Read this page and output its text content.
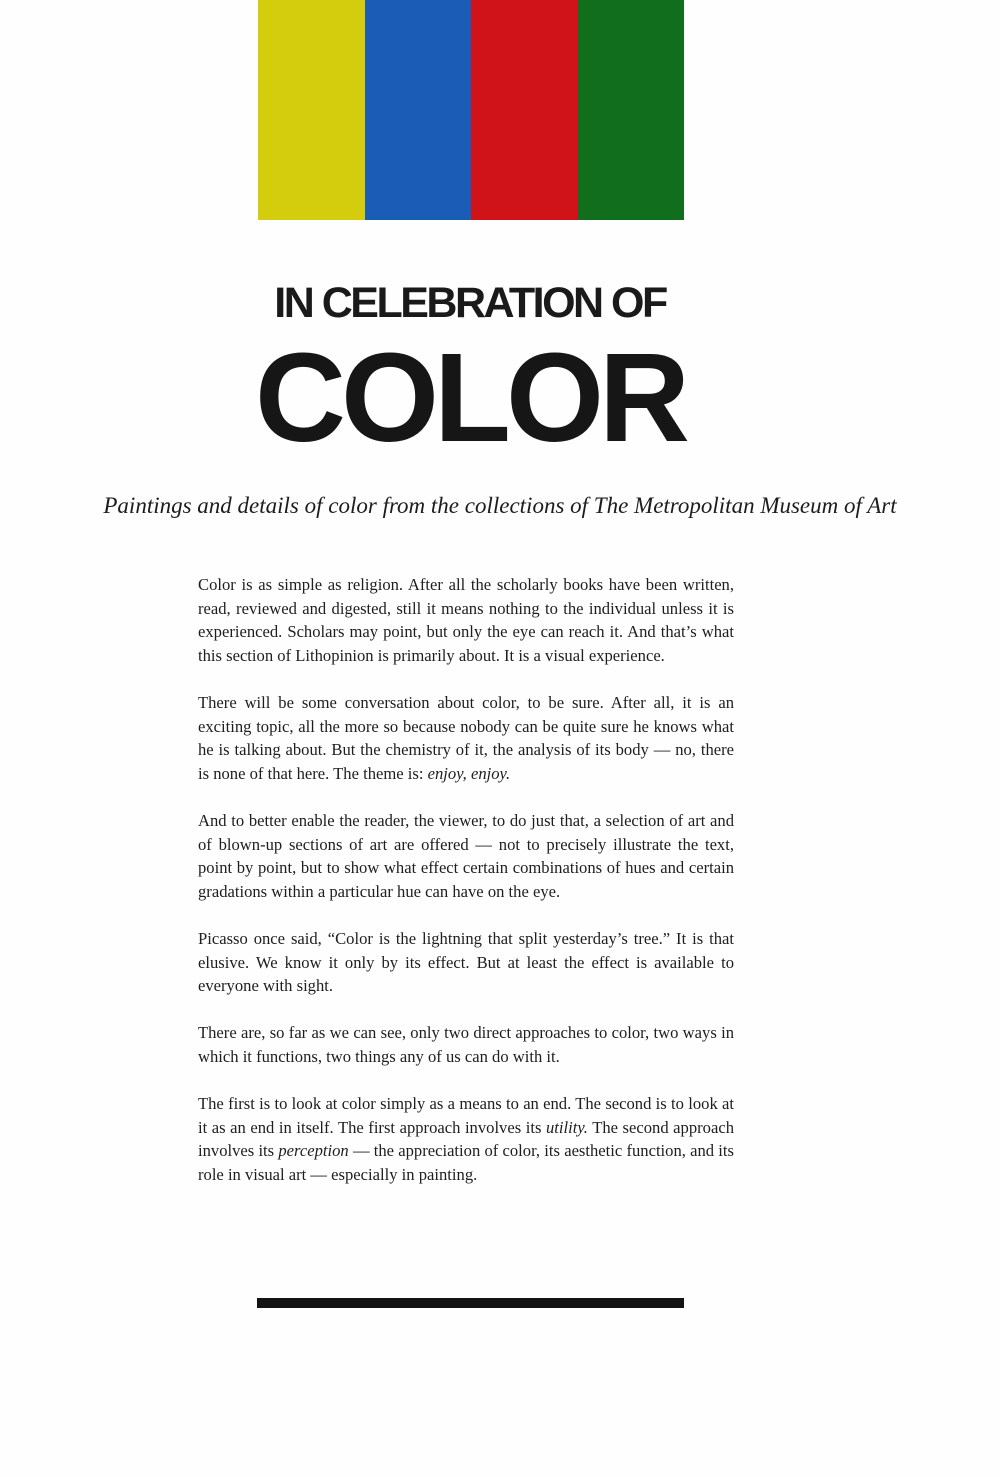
IN CELEBRATION OF
COLOR
Paintings and details of color from the collections of The Metropolitan Museum of Art

Color is as simple as religion. After all the scholarly books have been written, read, reviewed and digested, still it means nothing to the individual unless it is experienced. Scholars may point, but only the eye can reach it. And that’s what this section of Lithopinion is primarily about. It is a visual experience.

There will be some conversation about color, to be sure. After all, it is an exciting topic, all the more so because nobody can be quite sure he knows what he is talking about. But the chemistry of it, the analysis of its body — no, there is none of that here. The theme is: enjoy, enjoy.

And to better enable the reader, the viewer, to do just that, a selection of art and of blown-up sections of art are offered — not to precisely illustrate the text, point by point, but to show what effect certain combinations of hues and certain gradations within a particular hue can have on the eye.

Picasso once said, “Color is the lightning that split yesterday’s tree.” It is that elusive. We know it only by its effect. But at least the effect is available to everyone with sight.

There are, so far as we can see, only two direct approaches to color, two ways in which it functions, two things any of us can do with it.

The first is to look at color simply as a means to an end. The second is to look at it as an end in itself. The first approach involves its utility. The second approach involves its perception — the appreciation of color, its aesthetic function, and its role in visual art — especially in painting.
